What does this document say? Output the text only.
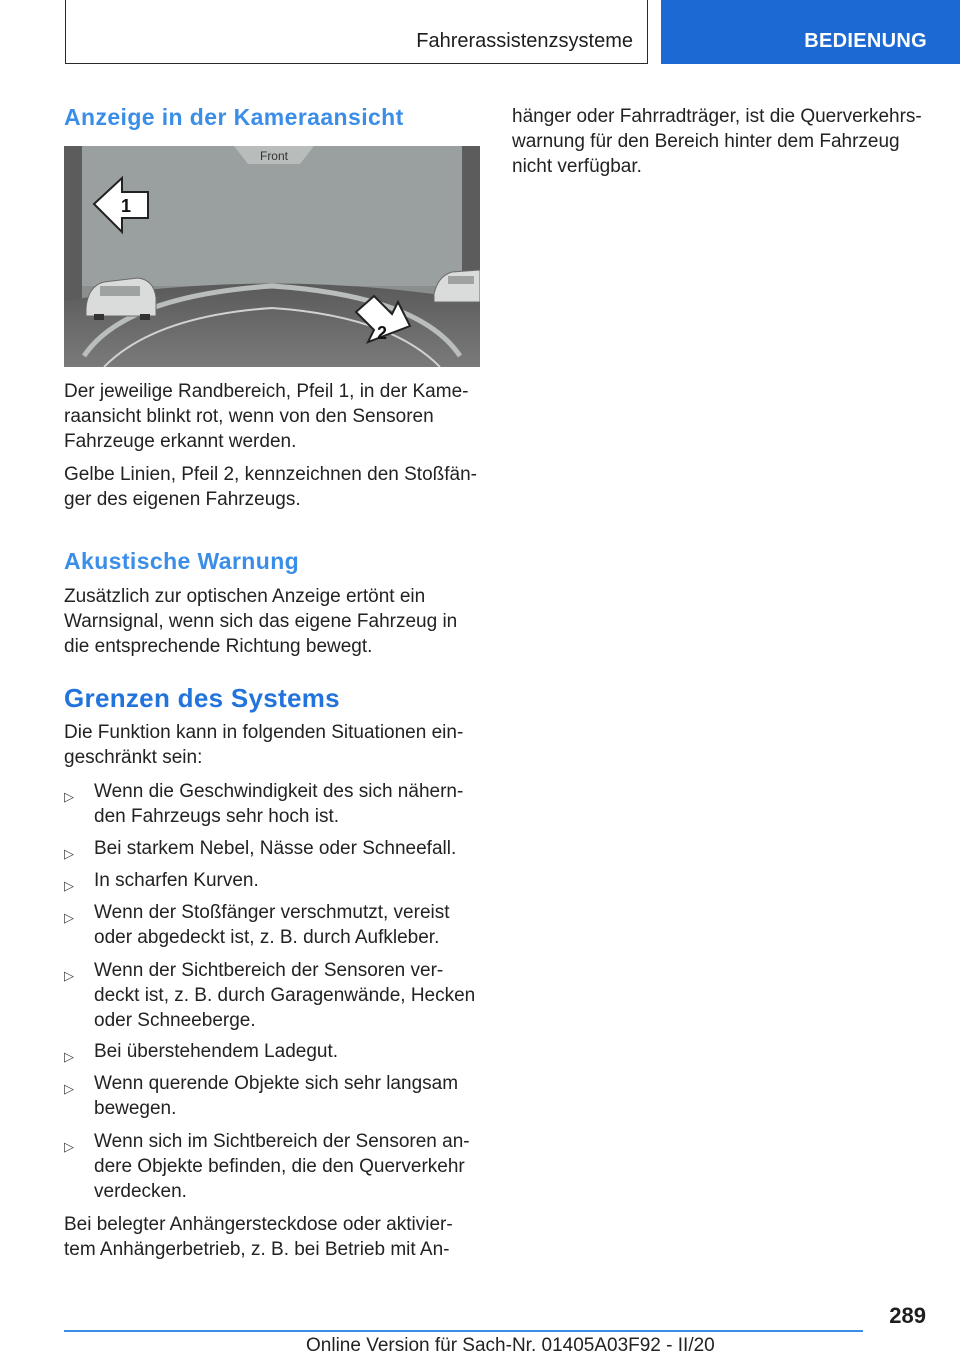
Fahrerassistenzsysteme	BEDIENUNG
Anzeige in der Kameraansicht
Front
1
2

Der jeweilige Randbereich, Pfeil 1, in der Kame‐raansicht blinkt rot, wenn von den Sensoren Fahrzeuge erkannt werden.

Gelbe Linien, Pfeil 2, kennzeichnen den Stoßfän‐ger des eigenen Fahrzeugs.

Akustische Warnung

Zusätzlich zur optischen Anzeige ertönt ein Warnsignal, wenn sich das eigene Fahrzeug in die entsprechende Richtung bewegt.

Grenzen des Systems

Die Funktion kann in folgenden Situationen ein‐geschränkt sein:

▷	Wenn die Geschwindigkeit des sich nähern‐den Fahrzeugs sehr hoch ist.
▷	Bei starkem Nebel, Nässe oder Schneefall.
▷	In scharfen Kurven.
▷	Wenn der Stoßfänger verschmutzt, vereist oder abgedeckt ist, z. B. durch Aufkleber.
▷	Wenn der Sichtbereich der Sensoren ver‐deckt ist, z. B. durch Garagenwände, Hecken oder Schneeberge.
▷	Bei überstehendem Ladegut.
▷	Wenn querende Objekte sich sehr langsam bewegen.
▷	Wenn sich im Sichtbereich der Sensoren an‐dere Objekte befinden, die den Querverkehr verdecken.

Bei belegter Anhängersteckdose oder aktivier‐tem Anhängerbetrieb, z. B. bei Betrieb mit An‐

hänger oder Fahrradträger, ist die Querverkehrs‐warnung für den Bereich hinter dem Fahrzeug nicht verfügbar.

289
Online Version für Sach-Nr. 01405A03F92 - II/20
